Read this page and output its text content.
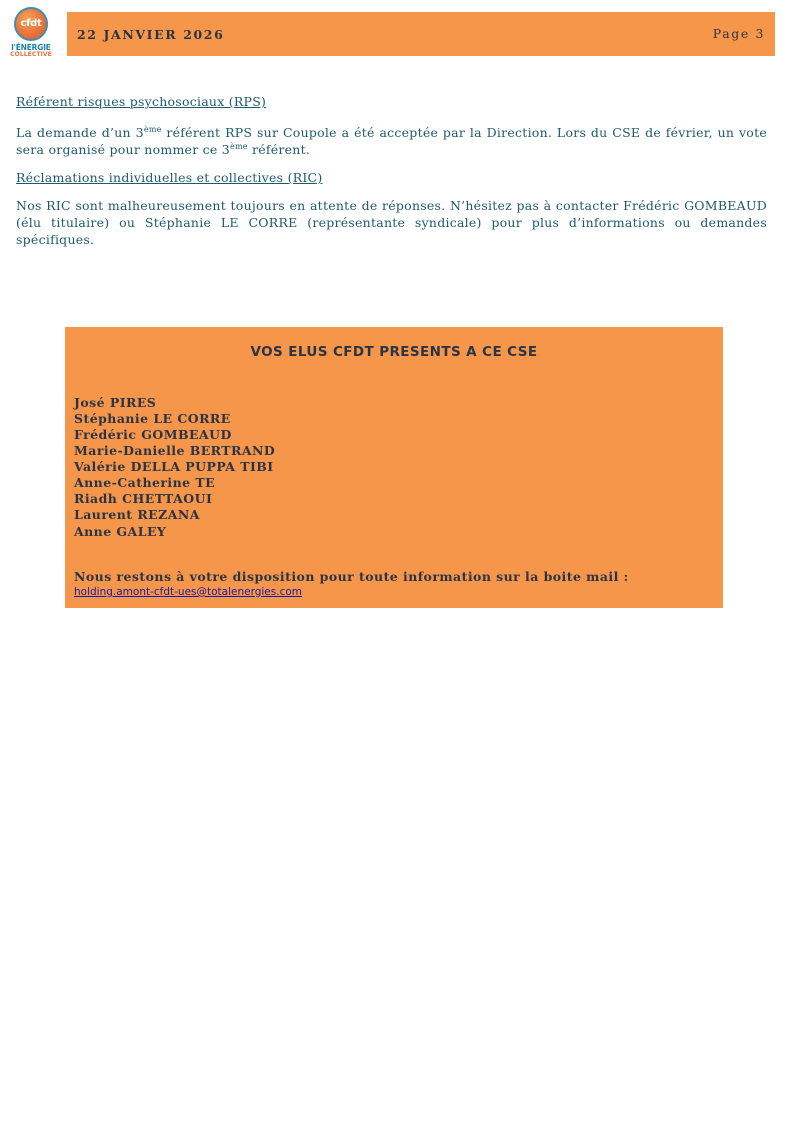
cfdt
l'ÉNERGIE
COLLECTIVE
22 JANVIER 2026	Page 3

Référent risques psychosociaux (RPS)

La demande d’un 3ème référent RPS sur Coupole a été acceptée par la Direction. Lors du CSE de février, un vote sera organisé pour nommer ce 3ème référent.

Réclamations individuelles et collectives (RIC)

Nos RIC sont malheureusement toujours en attente de réponses. N’hésitez pas à contacter Frédéric GOMBEAUD (élu titulaire) ou Stéphanie LE CORRE (représentante syndicale) pour plus d’informations ou demandes spécifiques.

VOS ELUS CFDT PRESENTS A CE CSE
José PIRES
Stéphanie LE CORRE
Frédéric GOMBEAUD
Marie-Danielle BERTRAND
Valérie DELLA PUPPA TIBI
Anne-Catherine TE
Riadh CHETTAOUI
Laurent REZANA
Anne GALEY
Nous restons à votre disposition pour toute information sur la boite mail :
holding.amont-cfdt-ues@totalenergies.com
